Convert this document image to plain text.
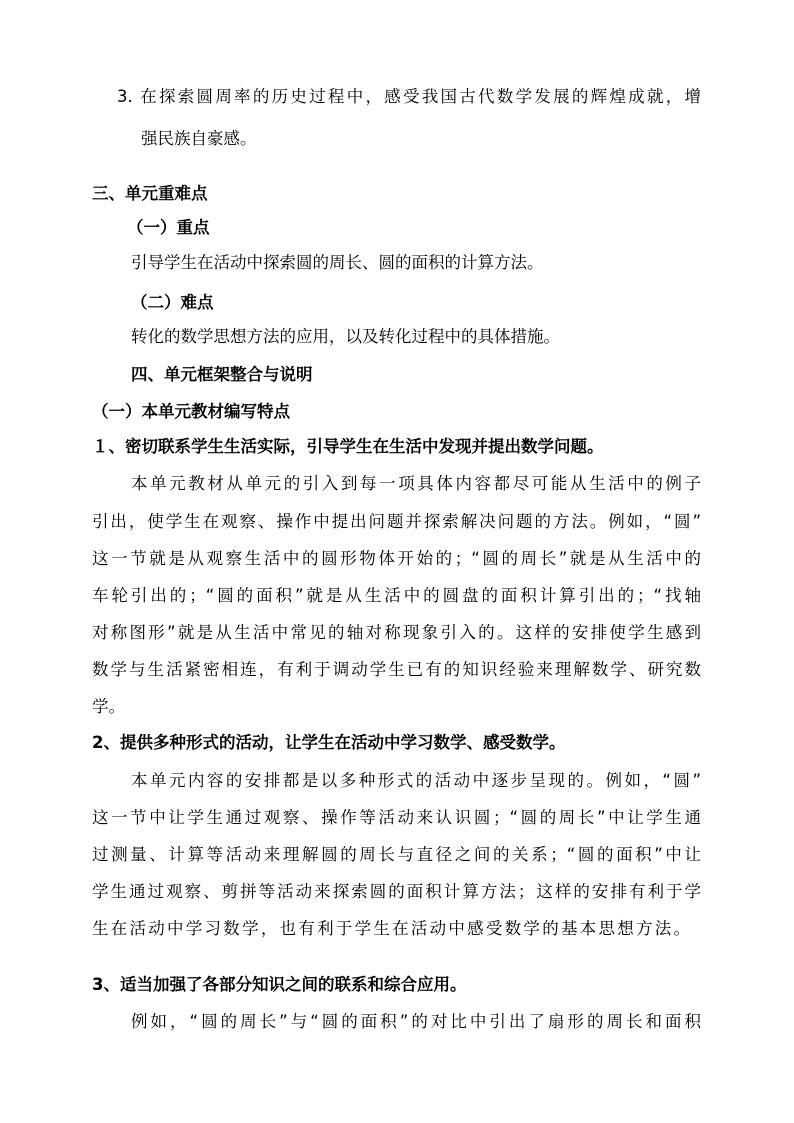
3. 在探索圆周率的历史过程中，感受我国古代数学发展的辉煌成就，增
强民族自豪感。
三、单元重难点
（一）重点
引导学生在活动中探索圆的周长、圆的面积的计算方法。
（二）难点
转化的数学思想方法的应用，以及转化过程中的具体措施。
四、单元框架整合与说明
（一）本单元教材编写特点
１、密切联系学生生活实际，引导学生在生活中发现并提出数学问题。
本单元教材从单元的引入到每一项具体内容都尽可能从生活中的例子
引出，使学生在观察、操作中提出问题并探索解决问题的方法。例如，“圆”
这一节就是从观察生活中的圆形物体开始的；“圆的周长”就是从生活中的
车轮引出的；“圆的面积”就是从生活中的圆盘的面积计算引出的；“找轴
对称图形”就是从生活中常见的轴对称现象引入的。这样的安排使学生感到
数学与生活紧密相连，有利于调动学生已有的知识经验来理解数学、研究数
学。
2、提供多种形式的活动，让学生在活动中学习数学、感受数学。
本单元内容的安排都是以多种形式的活动中逐步呈现的。例如，“圆”
这一节中让学生通过观察、操作等活动来认识圆；“圆的周长”中让学生通
过测量、计算等活动来理解圆的周长与直径之间的关系；“圆的面积”中让
学生通过观察、剪拼等活动来探索圆的面积计算方法；这样的安排有利于学
生在活动中学习数学，也有利于学生在活动中感受数学的基本思想方法。
3、适当加强了各部分知识之间的联系和综合应用。
例如，“圆的周长”与“圆的面积”的对比中引出了扇形的周长和面积
